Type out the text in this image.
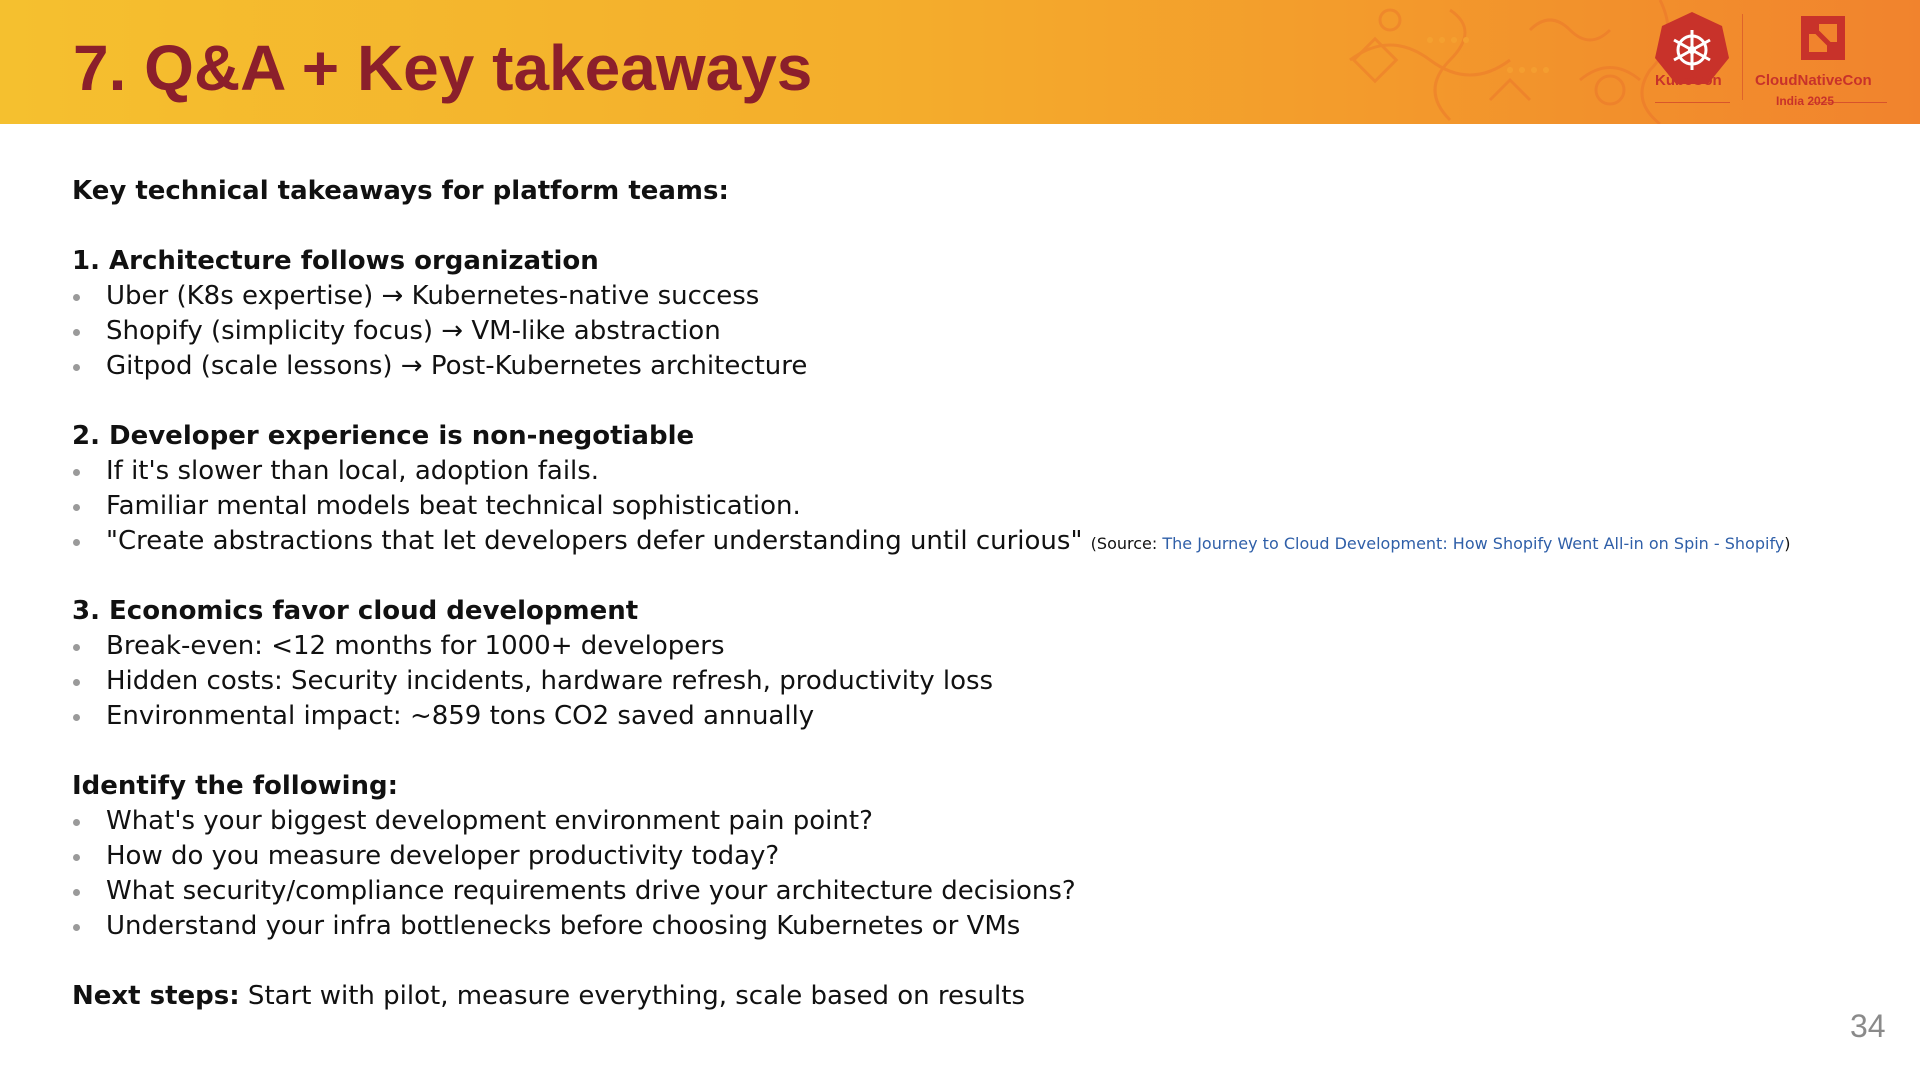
7. Q&A + Key takeaways	KubeCon CloudNativeCon
India 2025

Key technical takeaways for platform teams:

1. Architecture follows organization

Uber (K8s expertise) → Kubernetes-native success
Shopify (simplicity focus) → VM-like abstraction
Gitpod (scale lessons) → Post-Kubernetes architecture

2. Developer experience is non-negotiable

If it's slower than local, adoption fails.
Familiar mental models beat technical sophistication.
"Create abstractions that let developers defer understanding until curious" (Source: The Journey to Cloud Development: How Shopify Went All-in on Spin - Shopify)

3. Economics favor cloud development

Break-even: <12 months for 1000+ developers
Hidden costs: Security incidents, hardware refresh, productivity loss
Environmental impact: ~859 tons CO2 saved annually

Identify the following:

What's your biggest development environment pain point?
How do you measure developer productivity today?
What security/compliance requirements drive your architecture decisions?
Understand your infra bottlenecks before choosing Kubernetes or VMs

Next steps: Start with pilot, measure everything, scale based on results

34
